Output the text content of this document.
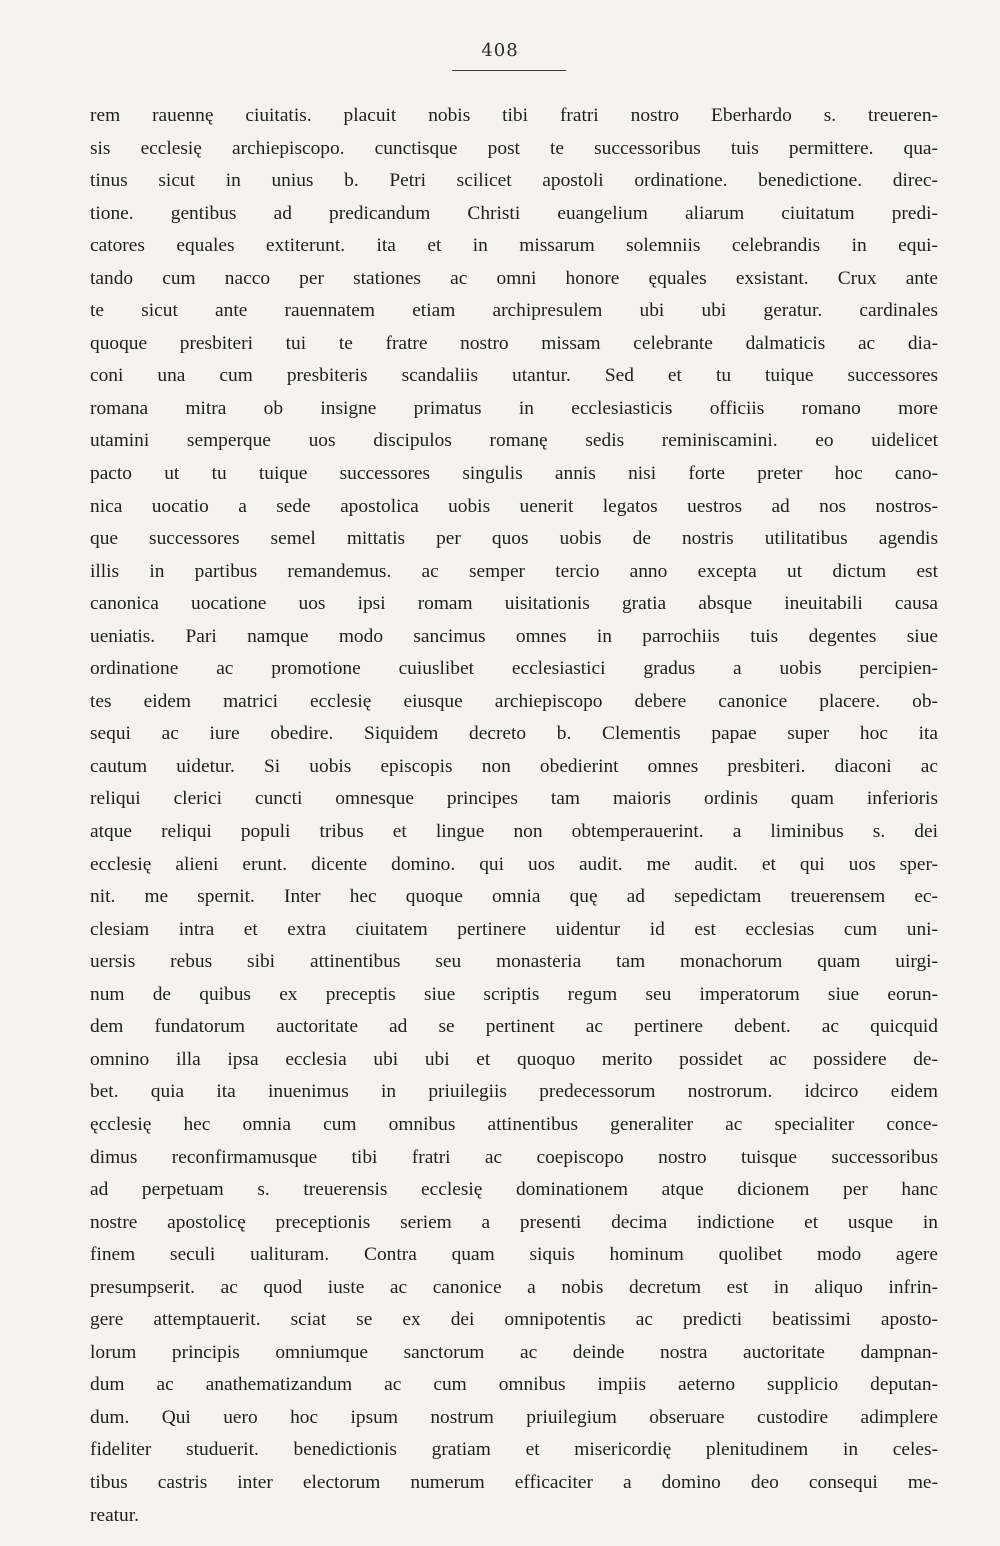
408
rem rauennę ciuitatis. placuit nobis tibi fratri nostro Eberhardo s. treueren-
sis ecclesię archiepiscopo. cunctisque post te successoribus tuis permittere. qua-
tinus sicut in unius b. Petri scilicet apostoli ordinatione. benedictione. direc-
tione. gentibus ad predicandum Christi euangelium aliarum ciuitatum predi-
catores equales extiterunt. ita et in missarum solemniis celebrandis in equi-
tando cum nacco per stationes ac omni honore ęquales exsistant. Crux ante
te sicut ante rauennatem etiam archipresulem ubi ubi geratur. cardinales
quoque presbiteri tui te fratre nostro missam celebrante dalmaticis ac dia-
coni una cum presbiteris scandaliis utantur. Sed et tu tuique successores
romana mitra ob insigne primatus in ecclesiasticis officiis romano more
utamini semperque uos discipulos romanę sedis reminiscamini. eo uidelicet
pacto ut tu tuique successores singulis annis nisi forte preter hoc cano-
nica uocatio a sede apostolica uobis uenerit legatos uestros ad nos nostros-
que successores semel mittatis per quos uobis de nostris utilitatibus agendis
illis in partibus remandemus. ac semper tercio anno excepta ut dictum est
canonica uocatione uos ipsi romam uisitationis gratia absque ineuitabili causa
ueniatis. Pari namque modo sancimus omnes in parrochiis tuis degentes siue
ordinatione ac promotione cuiuslibet ecclesiastici gradus a uobis percipien-
tes eidem matrici ecclesię eiusque archiepiscopo debere canonice placere. ob-
sequi ac iure obedire. Siquidem decreto b. Clementis papae super hoc ita
cautum uidetur. Si uobis episcopis non obedierint omnes presbiteri. diaconi ac
reliqui clerici cuncti omnesque principes tam maioris ordinis quam inferioris
atque reliqui populi tribus et lingue non obtemperauerint. a liminibus s. dei
ecclesię alieni erunt. dicente domino. qui uos audit. me audit. et qui uos sper-
nit. me spernit. Inter hec quoque omnia quę ad sepedictam treuerensem ec-
clesiam intra et extra ciuitatem pertinere uidentur id est ecclesias cum uni-
uersis rebus sibi attinentibus seu monasteria tam monachorum quam uirgi-
num de quibus ex preceptis siue scriptis regum seu imperatorum siue eorun-
dem fundatorum auctoritate ad se pertinent ac pertinere debent. ac quicquid
omnino illa ipsa ecclesia ubi ubi et quoquo merito possidet ac possidere de-
bet. quia ita inuenimus in priuilegiis predecessorum nostrorum. idcirco eidem
ęcclesię hec omnia cum omnibus attinentibus generaliter ac specialiter conce-
dimus reconfirmamusque tibi fratri ac coepiscopo nostro tuisque successoribus
ad perpetuam s. treuerensis ecclesię dominationem atque dicionem per hanc
nostre apostolicę preceptionis seriem a presenti decima indictione et usque in
finem seculi ualituram. Contra quam siquis hominum quolibet modo agere
presumpserit. ac quod iuste ac canonice a nobis decretum est in aliquo infrin-
gere attemptauerit. sciat se ex dei omnipotentis ac predicti beatissimi aposto-
lorum principis omniumque sanctorum ac deinde nostra auctoritate dampnan-
dum ac anathematizandum ac cum omnibus impiis aeterno supplicio deputan-
dum. Qui uero hoc ipsum nostrum priuilegium obseruare custodire adimplere
fideliter studuerit. benedictionis gratiam et misericordię plenitudinem in celes-
tibus castris inter electorum numerum efficaciter a domino deo consequi me-
reatur.
